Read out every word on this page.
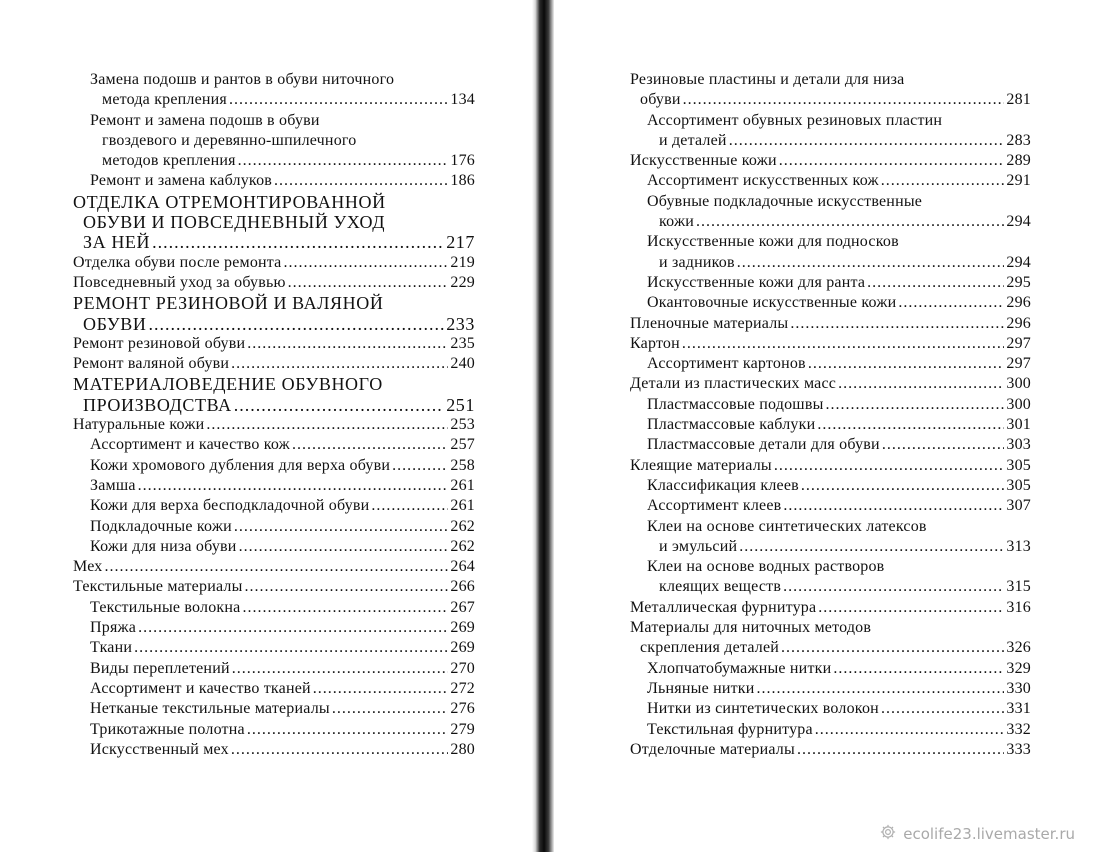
Замена подошв и рантов в обуви ниточного
метода крепления .....	134
Ремонт и замена подошв в обуви
гвоздевого и деревянно-шпилечного
методов крепления .....	176
Ремонт и замена каблуков .....	186
ОТДЕЛКА ОТРЕМОНТИРОВАННОЙ
ОБУВИ И ПОВСЕДНЕВНЫЙ УХОД
ЗА НЕЙ .....	217
Отделка обуви после ремонта .....	219
Повседневный уход за обувью .....	229
РЕМОНТ РЕЗИНОВОЙ И ВАЛЯНОЙ
ОБУВИ .....	233
Ремонт резиновой обуви .....	235
Ремонт валяной обуви .....	240
МАТЕРИАЛОВЕДЕНИЕ ОБУВНОГО
ПРОИЗВОДСТВА .....	251
Натуральные кожи .....	253
Ассортимент и качество кож .....	257
Кожи хромового дубления для верха обуви .....	258
Замша .....	261
Кожи для верха бесподкладочной обуви .....	261
Подкладочные кожи .....	262
Кожи для низа обуви .....	262
Мех .....	264
Текстильные материалы .....	266
Текстильные волокна .....	267
Пряжа .....	269
Ткани .....	269
Виды переплетений .....	270
Ассортимент и качество тканей .....	272
Нетканые текстильные материалы .....	276
Трикотажные полотна .....	279
Искусственный мех .....	280
Резиновые пластины и детали для низа
обуви .....	281
Ассортимент обувных резиновых пластин
и деталей .....	283
Искусственные кожи .....	289
Ассортимент искусственных кож .....	291
Обувные подкладочные искусственные
кожи .....	294
Искусственные кожи для подносков
и задников .....	294
Искусственные кожи для ранта .....	295
Окантовочные искусственные кожи .....	296
Пленочные материалы .....	296
Картон .....	297
Ассортимент картонов .....	297
Детали из пластических масс .....	300
Пластмассовые подошвы .....	300
Пластмассовые каблуки .....	301
Пластмассовые детали для обуви .....	303
Клеящие материалы .....	305
Классификация клеев .....	305
Ассортимент клеев .....	307
Клеи на основе синтетических латексов
и эмульсий .....	313
Клеи на основе водных растворов
клеящих веществ .....	315
Металлическая фурнитура .....	316
Материалы для ниточных методов
скрепления деталей .....	326
Хлопчатобумажные нитки .....	329
Льняные нитки .....	330
Нитки из синтетических волокон .....	331
Текстильная фурнитура .....	332
Отделочные материалы .....	333
ecolife23.livemaster.ru
